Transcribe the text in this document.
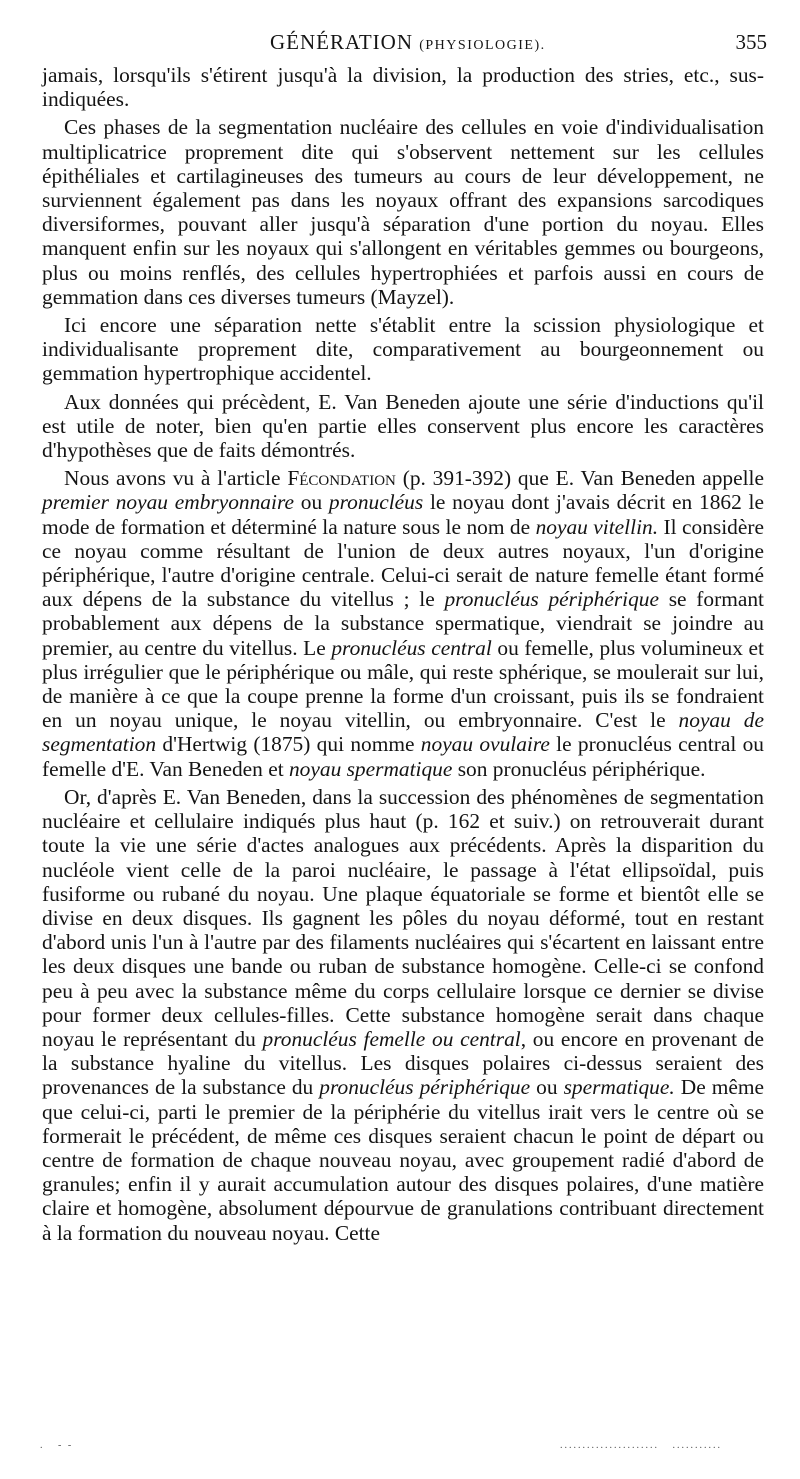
GÉNÉRATION (PHYSIOLOGIE).	355

jamais, lorsqu'ils s'étirent jusqu'à la division, la production des stries, etc., sus-indiquées.

Ces phases de la segmentation nucléaire des cellules en voie d'individualisation multiplicatrice proprement dite qui s'observent nettement sur les cellules épithéliales et cartilagineuses des tumeurs au cours de leur développement, ne surviennent également pas dans les noyaux offrant des expansions sarcodiques diversiformes, pouvant aller jusqu'à séparation d'une portion du noyau. Elles manquent enfin sur les noyaux qui s'allongent en véritables gemmes ou bourgeons, plus ou moins renflés, des cellules hypertrophiées et parfois aussi en cours de gemmation dans ces diverses tumeurs (Mayzel).

Ici encore une séparation nette s'établit entre la scission physiologique et individualisante proprement dite, comparativement au bourgeonnement ou gemmation hypertrophique accidentel.

Aux données qui précèdent, E. Van Beneden ajoute une série d'inductions qu'il est utile de noter, bien qu'en partie elles conservent plus encore les caractères d'hypothèses que de faits démontrés.

Nous avons vu à l'article Fécondation (p. 391-392) que E. Van Beneden appelle premier noyau embryonnaire ou pronucléus le noyau dont j'avais décrit en 1862 le mode de formation et déterminé la nature sous le nom de noyau vitellin. Il considère ce noyau comme résultant de l'union de deux autres noyaux, l'un d'origine périphérique, l'autre d'origine centrale. Celui-ci serait de nature femelle étant formé aux dépens de la substance du vitellus ; le pronucléus périphérique se formant probablement aux dépens de la substance spermatique, viendrait se joindre au premier, au centre du vitellus. Le pronucléus central ou femelle, plus volumineux et plus irrégulier que le périphérique ou mâle, qui reste sphérique, se moulerait sur lui, de manière à ce que la coupe prenne la forme d'un croissant, puis ils se fondraient en un noyau unique, le noyau vitellin, ou embryonnaire. C'est le noyau de segmentation d'Hertwig (1875) qui nomme noyau ovulaire le pronucléus central ou femelle d'E. Van Beneden et noyau spermatique son pronucléus périphérique.

Or, d'après E. Van Beneden, dans la succession des phénomènes de segmentation nucléaire et cellulaire indiqués plus haut (p. 162 et suiv.) on retrouverait durant toute la vie une série d'actes analogues aux précédents. Après la disparition du nucléole vient celle de la paroi nucléaire, le passage à l'état ellipsoïdal, puis fusiforme ou rubané du noyau. Une plaque équatoriale se forme et bientôt elle se divise en deux disques. Ils gagnent les pôles du noyau déformé, tout en restant d'abord unis l'un à l'autre par des filaments nucléaires qui s'écartent en laissant entre les deux disques une bande ou ruban de substance homogène. Celle-ci se confond peu à peu avec la substance même du corps cellulaire lorsque ce dernier se divise pour former deux cellules-filles. Cette substance homogène serait dans chaque noyau le représentant du pronucléus femelle ou central, ou encore en provenant de la substance hyaline du vitellus. Les disques polaires ci-dessus seraient des provenances de la substance du pronucléus périphérique ou spermatique. De même que celui-ci, parti le premier de la périphérie du vitellus irait vers le centre où se formerait le précédent, de même ces disques seraient chacun le point de départ ou centre de formation de chaque nouveau noyau, avec groupement radié d'abord de granules; enfin il y aurait accumulation autour des disques polaires, d'une matière claire et homogène, absolument dépourvue de granulations contribuant directement à la formation du nouveau noyau. Cette

.   - -	......................   ...........
